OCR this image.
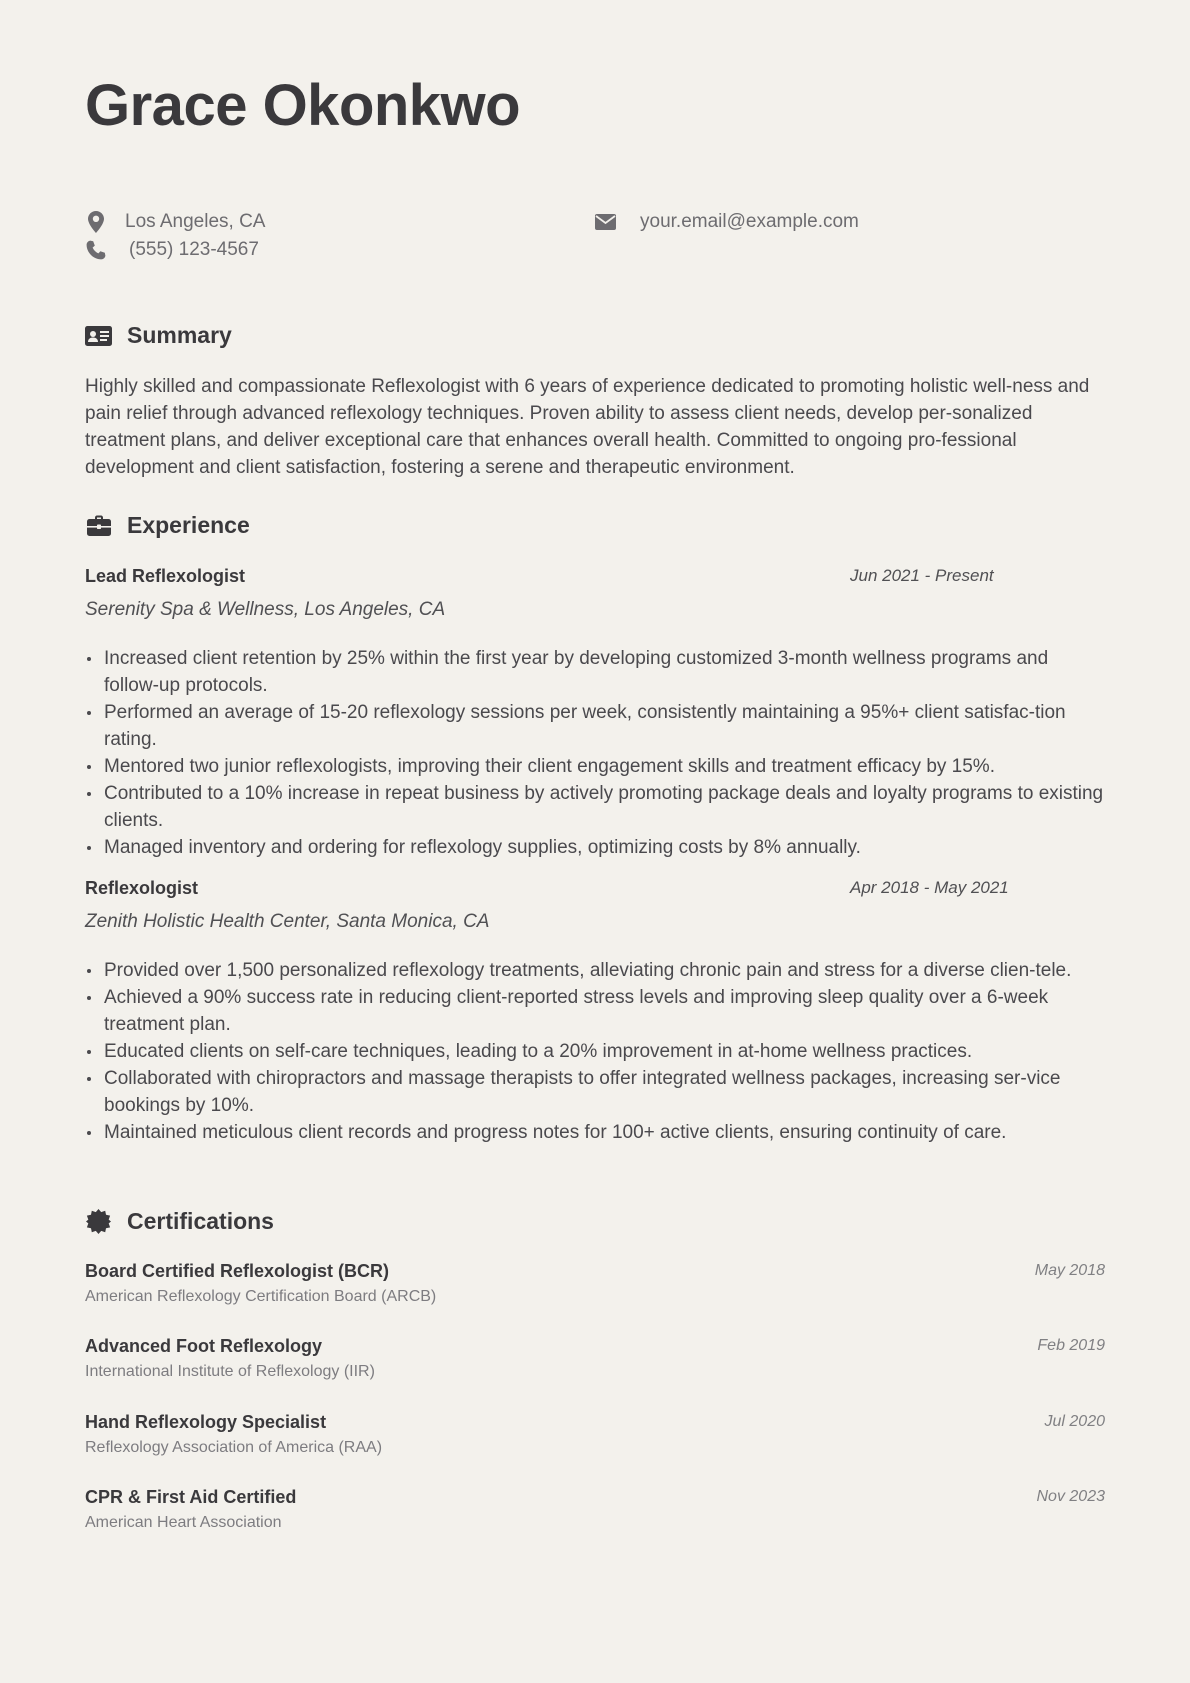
Grace Okonkwo
Los Angeles, CA
(555) 123-4567
your.email@example.com
Summary

Highly skilled and compassionate Reflexologist with 6 years of experience dedicated to promoting holistic well-ness and pain relief through advanced reflexology techniques. Proven ability to assess client needs, develop per-sonalized treatment plans, and deliver exceptional care that enhances overall health. Committed to ongoing pro-fessional development and client satisfaction, fostering a serene and therapeutic environment.

Experience
Lead Reflexologist	Jun 2021 - Present
Serenity Spa & Wellness, Los Angeles, CA
Increased client retention by 25% within the first year by developing customized 3-month wellness programs and follow-up protocols.
Performed an average of 15-20 reflexology sessions per week, consistently maintaining a 95%+ client satisfac-tion rating.
Mentored two junior reflexologists, improving their client engagement skills and treatment efficacy by 15%.
Contributed to a 10% increase in repeat business by actively promoting package deals and loyalty programs to existing clients.
Managed inventory and ordering for reflexology supplies, optimizing costs by 8% annually.
Reflexologist	Apr 2018 - May 2021
Zenith Holistic Health Center, Santa Monica, CA
Provided over 1,500 personalized reflexology treatments, alleviating chronic pain and stress for a diverse clien-tele.
Achieved a 90% success rate in reducing client-reported stress levels and improving sleep quality over a 6-week treatment plan.
Educated clients on self-care techniques, leading to a 20% improvement in at-home wellness practices.
Collaborated with chiropractors and massage therapists to offer integrated wellness packages, increasing ser-vice bookings by 10%.
Maintained meticulous client records and progress notes for 100+ active clients, ensuring continuity of care.
Certifications
Board Certified Reflexologist (BCR)
American Reflexology Certification Board (ARCB)
May 2018
Advanced Foot Reflexology
International Institute of Reflexology (IIR)
Feb 2019
Hand Reflexology Specialist
Reflexology Association of America (RAA)
Jul 2020
CPR & First Aid Certified
American Heart Association
Nov 2023
